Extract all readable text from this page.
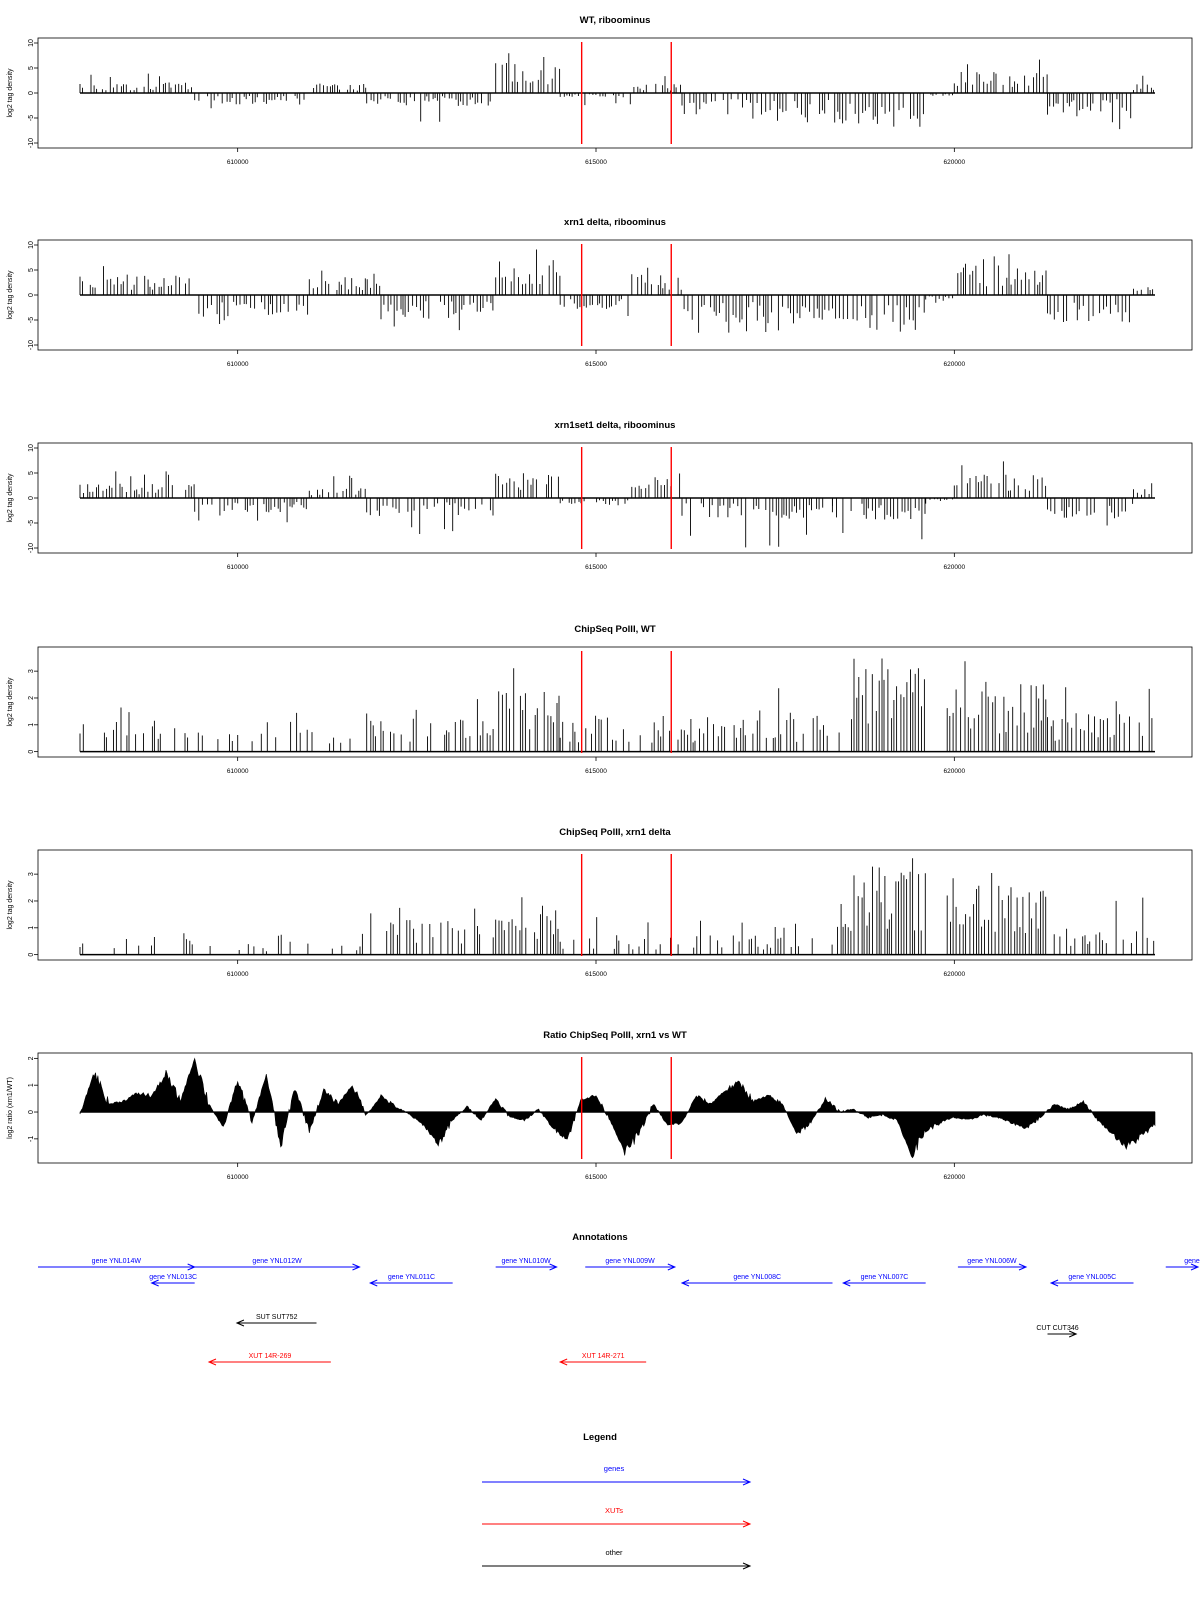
WT, riboominus
10
5
0
-5
-10
log2 tag density
610000	615000	620000
xrn1 delta, riboominus
10
5
0
-5
-10
log2 tag density
610000	615000	620000
xrn1set1 delta, riboominus
10
5
0
-5
-10
log2 tag density
610000	615000	620000
ChipSeq PolII, WT
0
1
2
3
log2 tag density
610000	615000	620000
ChipSeq PolII, xrn1 delta
0
1
2
3
log2 tag density
610000	615000	620000
Ratio ChipSeq PolII, xrn1 vs WT
2
1
0
-1
log2 ratio (xrn1/WT)
610000	615000	620000
Annotations
gene YNL014W
gene YNL013C
gene YNL012W
gene YNL011C
gene YNL010W	gene YNL009W
gene YNL008C	gene YNL007C
gene YNL006W
gene YNL005C
gene
SUT SUT752
CUT CUT346
XUT 14R-269	XUT 14R-271
Legend
genes
XUTs
other
